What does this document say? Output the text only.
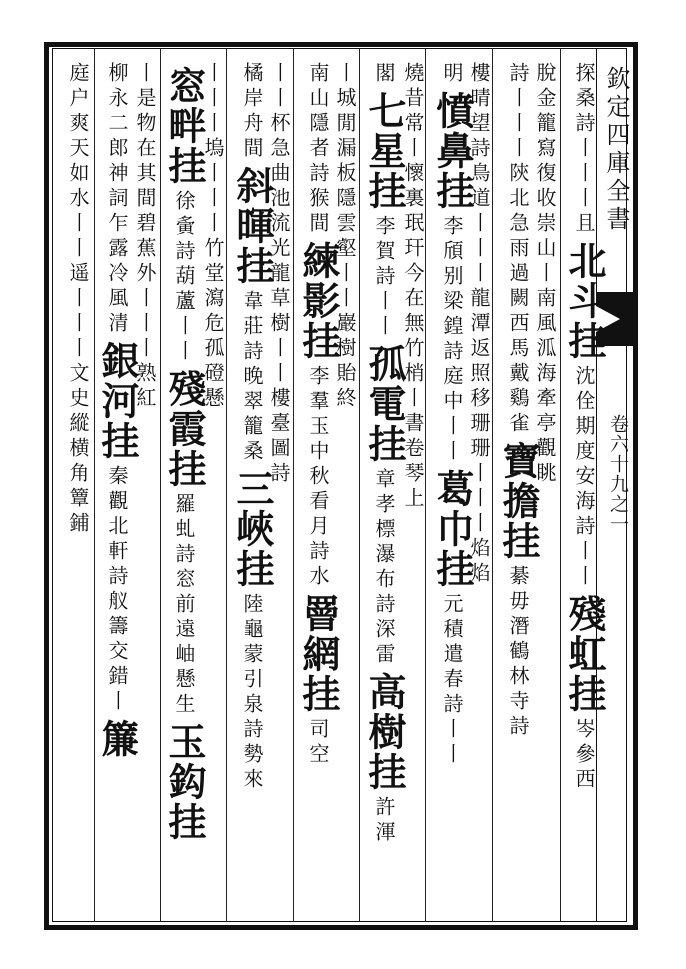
欽定四庫全書
卷六十九之一
探桑詩丨丨丨且北斗挂沈佺期度安海詩丨丨殘虹挂岑參西
脫金籠寫復收崇山丨南風泒海牽亭觀眺
詩丨丨丨陝北急雨過闕西馬戴鷄雀寶擔挂綦毋潛鶴林寺詩
樓晴望詩鳥道丨丨丨龍潭返照移珊珊丨丨丨焰焰
明憤鼻挂李頎别梁鍠詩庭中丨丨葛巾挂元積遣春詩丨丨
燒昔常丨懷裏珉玕今在無竹梢丨書卷琴上
閣七星挂李賀詩丨丨孤電挂章孝標瀑布詩深雷高樹挂許渾
丨城閒漏板隱雲壑丨丨巖樹貽終
南山隱者詩猴間練影挂李羣玉中秋看月詩水罾網挂司空
丨丨杯急曲池流光龍草樹丨丨樓臺圖詩
橘岸舟間斜暉挂韋莊詩晚翠籠桑三峽挂陸龜蒙引泉詩勢來
丨丨丨塢丨丨丨竹堂瀉危孤磴懸
窓畔挂徐夤詩葫蘆丨丨殘霞挂羅虬詩窓前遠岫懸生玉鈎挂
丨是物在其間碧蕉外丨丨丨熟紅
柳永二郎神詞乍露冷風清銀河挂秦觀北軒詩舣籌交錯丨簾
庭户爽天如水丨丨遥丨丨丨文史縱横角簟鋪
